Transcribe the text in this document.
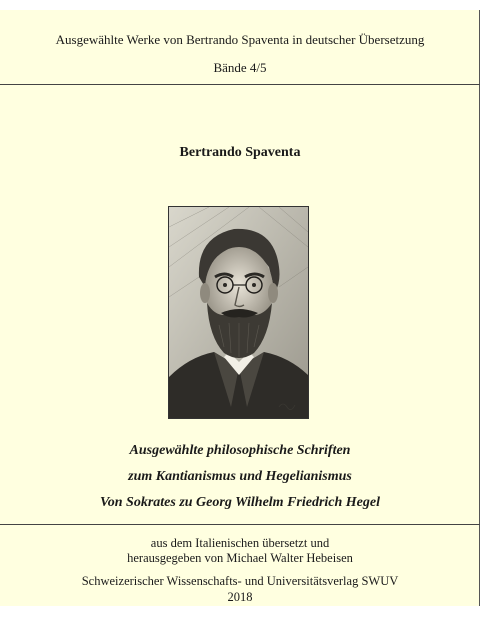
Ausgewählte Werke von Bertrando Spaventa in deutscher Übersetzung
Bände 4/5
Bertrando Spaventa
Ausgewählte philosophische Schriften
zum Kantianismus und Hegelianismus
Von Sokrates zu Georg Wilhelm Friedrich Hegel
aus dem Italienischen übersetzt und
herausgegeben von Michael Walter Hebeisen
Schweizerischer Wissenschafts- und Universitätsverlag SWUV
2018
